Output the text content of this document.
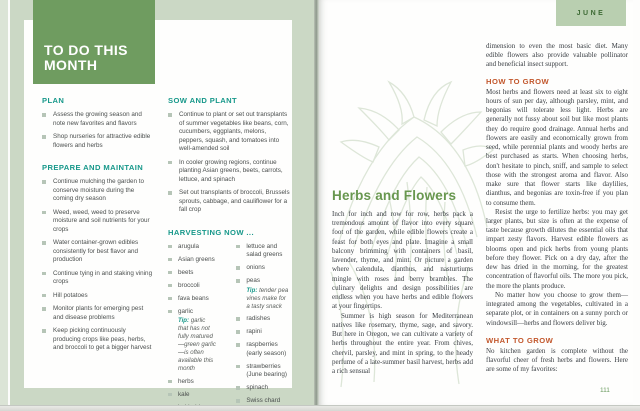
TO DO THIS MONTH
PLAN
Assess the growing season and note new favorites and flavors
Shop nurseries for attractive edible flowers and herbs
PREPARE AND MAINTAIN
Continue mulching the garden to conserve moisture during the coming dry season
Weed, weed, weed to preserve moisture and soil nutrients for your crops
Water container-grown edibles consistently for best flavor and production
Continue tying in and staking vining crops
Hill potatoes
Monitor plants for emerging pest and disease problems
Keep picking continuously producing crops like peas, herbs, and broccoli to get a bigger harvest
SOW AND PLANT
Continue to plant or set out transplants of summer vegetables like beans, corn, cucumbers, eggplants, melons, peppers, squash, and tomatoes into well-amended soil
In cooler growing regions, continue planting Asian greens, beets, carrots, lettuce, and spinach
Set out transplants of broccoli, Brussels sprouts, cabbage, and cauliflower for a fall crop
HARVESTING NOW ...
arugula
Asian greens
beets
broccoli
fava beans
garlic
Tip: garlic that has not fully matured—green garlic—is often available this month
herbs
kale
lettuce and salad greens
onions
peas
Tip: tender pea vines make for a tasty snack
radishes
rapini
raspberries (early season)
strawberries (June bearing)
spinach
Swiss chard
JUNE
Herbs and Flowers

Inch for inch and row for row, herbs pack a tremendous amount of flavor into every square foot of the garden, while edible flowers create a feast for both eyes and plate. Imagine a small balcony brimming with containers of basil, lavender, thyme, and mint. Or picture a garden where calendula, dianthus, and nasturtiums mingle with roses and berry brambles. The culinary delights and design possibilities are endless when you have herbs and edible flowers at your fingertips.

Summer is high season for Mediterranean natives like rosemary, thyme, sage, and savory. But here in Oregon, we can cultivate a variety of herbs throughout the entire year. From chives, chervil, parsley, and mint in spring, to the heady perfume of a late-summer basil harvest, herbs add a rich sensual

dimension to even the most basic diet. Many edible flowers also provide valuable pollinator and beneficial insect support.

HOW TO GROW

Most herbs and flowers need at least six to eight hours of sun per day, although parsley, mint, and begonias will tolerate less light. Herbs are generally not fussy about soil but like most plants they do require good drainage. Annual herbs and flowers are easily and economically grown from seed, while perennial plants and woody herbs are best purchased as starts. When choosing herbs, don't hesitate to pinch, sniff, and sample to select those with the strongest aroma and flavor. Also make sure that flower starts like daylilies, dianthus, and begonias are toxin-free if you plan to consume them.

Resist the urge to fertilize herbs: you may get larger plants, but size is often at the expense of taste because growth dilutes the essential oils that impart zesty flavors. Harvest edible flowers as blooms open and pick herbs from young plants before they flower. Pick on a dry day, after the dew has dried in the morning, for the greatest concentration of flavorful oils. The more you pick, the more the plants produce.

No matter how you choose to grow them—integrated among the vegetables, cultivated in a separate plot, or in containers on a sunny porch or windowsill—herbs and flowers deliver big.

WHAT TO GROW

No kitchen garden is complete without the flavorful cheer of fresh herbs and flowers. Here are some of my favorites:

111
